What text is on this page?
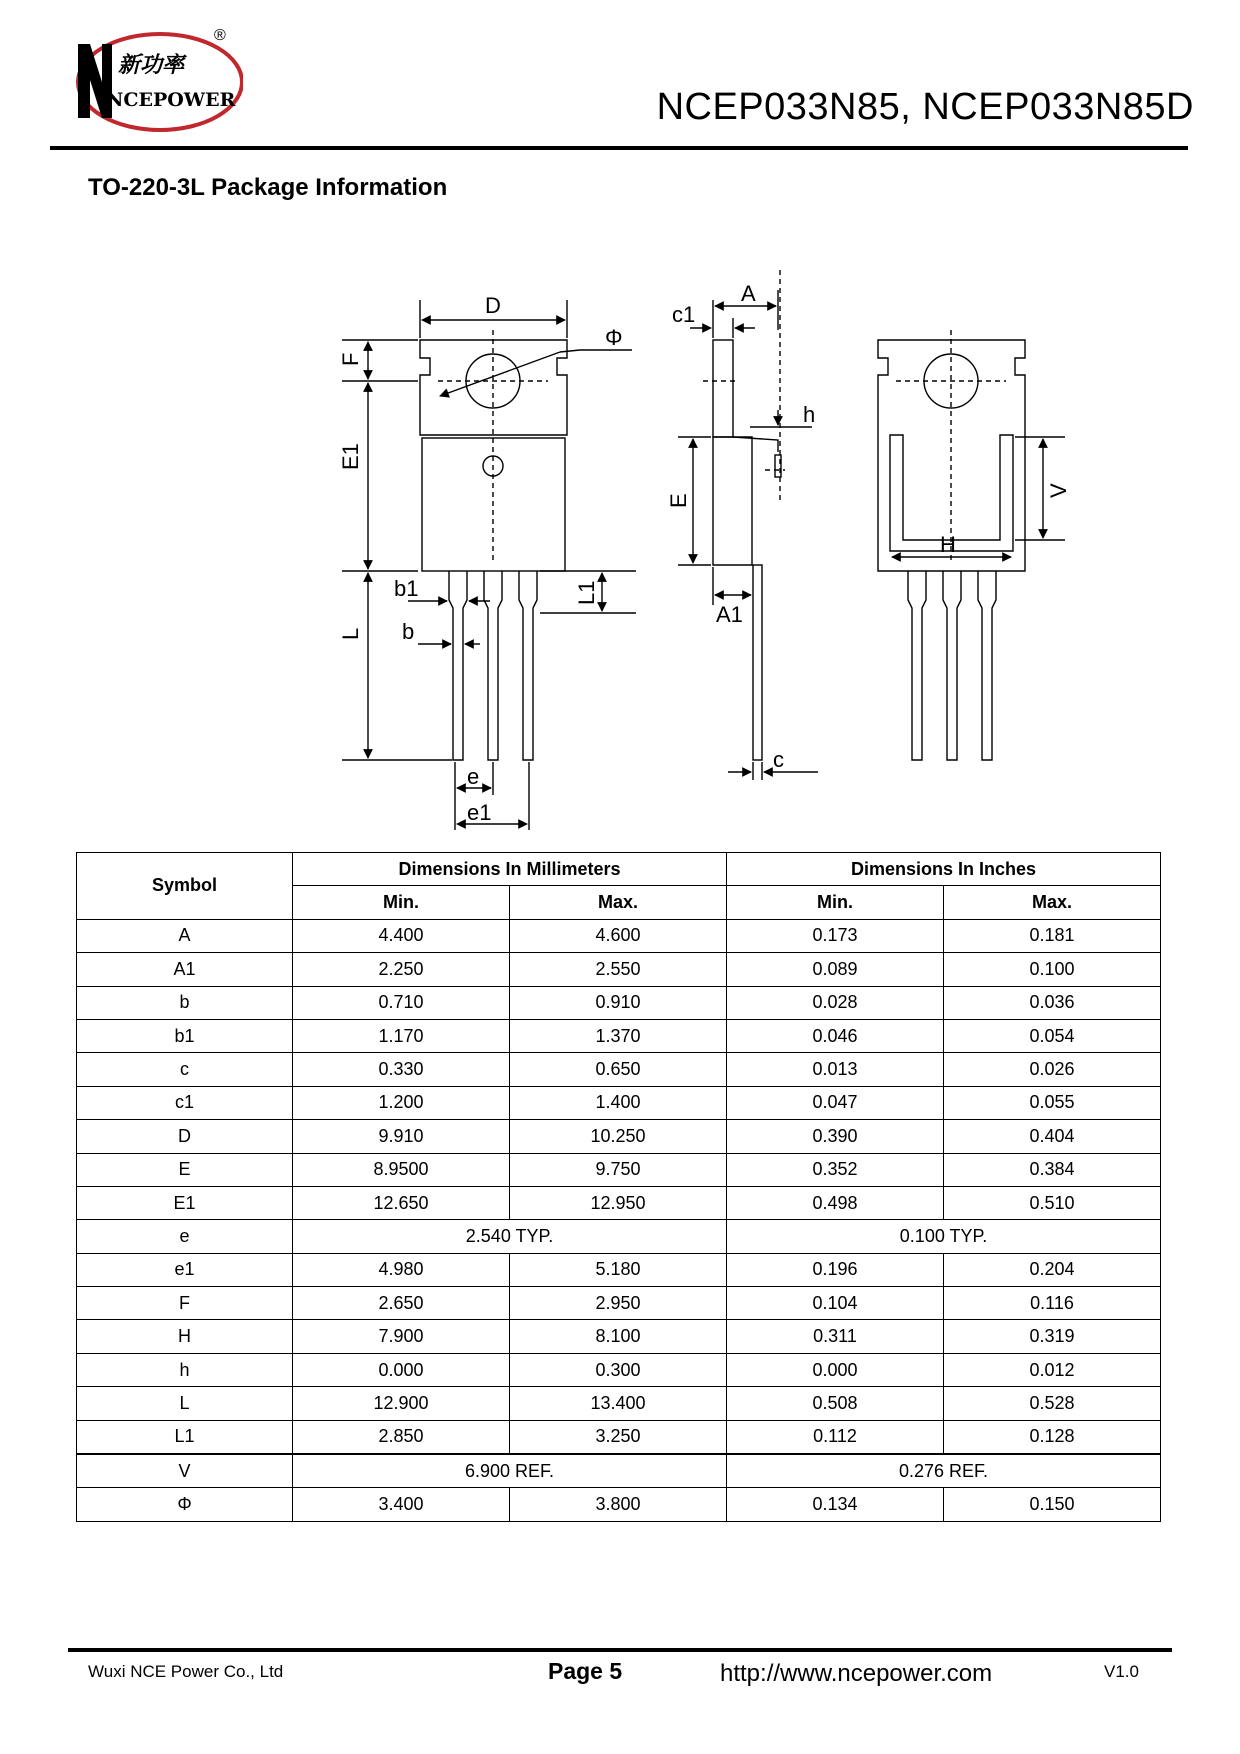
新功率
NCEPOWER
®
NCEP033N85, NCEP033N85D
TO-220-3L Package Information
D
Φ
F
E1
L
b1
b
L1
e
e1
c1
A
h
E
A1
c
H
V
Symbol	Dimensions In Millimeters		Dimensions In Inches	
	Min.	Max.	Min.	Max.
A	4.400	4.600	0.173	0.181
A1	2.250	2.550	0.089	0.100
b	0.710	0.910	0.028	0.036
b1	1.170	1.370	0.046	0.054
c	0.330	0.650	0.013	0.026
c1	1.200	1.400	0.047	0.055
D	9.910	10.250	0.390	0.404
E	8.9500	9.750	0.352	0.384
E1	12.650	12.950	0.498	0.510
e	2.540 TYP.		0.100 TYP.	
e1	4.980	5.180	0.196	0.204
F	2.650	2.950	0.104	0.116
H	7.900	8.100	0.311	0.319
h	0.000	0.300	0.000	0.012
L	12.900	13.400	0.508	0.528
L1	2.850	3.250	0.112	0.128
V	6.900 REF.		0.276 REF.	
Φ	3.400	3.800	0.134	0.150
Wuxi NCE Power Co., Ltd	Page 5	http://www.ncepower.com	V1.0
